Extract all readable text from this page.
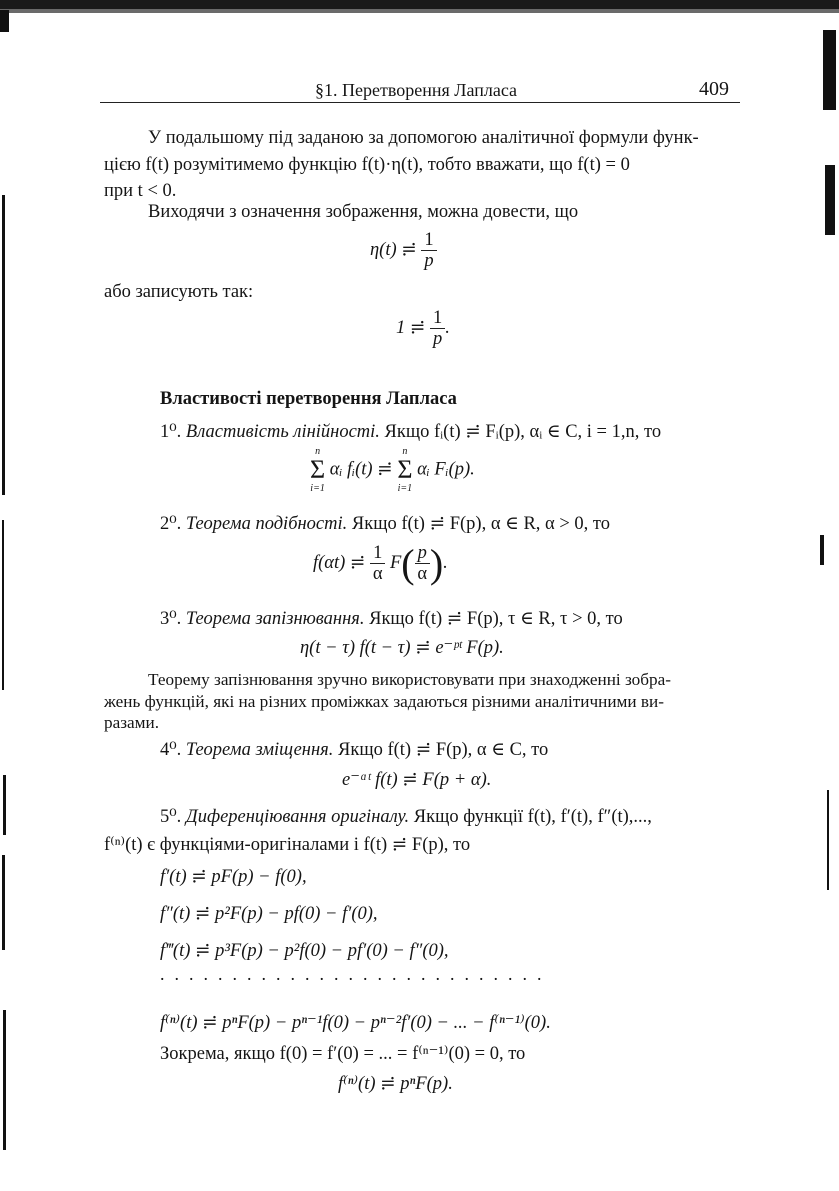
§1. Перетворення Лапласа	409
У подальшому під заданою за допомогою аналітичної формули функ-
цією f(t) розумітимемо функцію f(t)·η(t), тобто вважати, що f(t) = 0
при t < 0.
Виходячи з означення зображення, можна довести, що
η(t) ≓ $\frac{1}{p}$
або записують так:
1 ≓ $\frac{1}{p}$ .
Властивості перетворення Лапласа
1⁰. Властивість лінійності. Якщо fᵢ(t) ≓ Fᵢ(p), αᵢ ∈ C, i = 1,n, то
n
Σ
i=1
αᵢ fᵢ(t) ≓
n
Σ
i=1
αᵢ Fᵢ(p).
2⁰. Теорема подібності. Якщо f(t) ≓ F(p), α ∈ R, α > 0, то
f(αt) ≓ $\frac{1}{\alpha} F( \frac{p}{\alpha}$ ).
3⁰. Теорема запізнювання. Якщо f(t) ≓ F(p), τ ∈ R, τ > 0, то
η(t − τ) f(t − τ) ≓ e⁻ᵖᵗ F(p).
Теорему запізнювання зручно використовувати при знаходженні зобра-
жень функцій, які на різних проміжках задаються різними аналітичними ви-
разами.
4⁰. Теорема зміщення. Якщо f(t) ≓ F(p), α ∈ C, то
e⁻ᵅᵗ f(t) ≓ F(p + α).
5⁰. Диференціювання оригіналу. Якщо функції f(t), f′(t), f″(t),...,
f⁽ⁿ⁾(t) є функціями-оригіналами і f(t) ≓ F(p), то
f′(t) ≓ pF(p) − f(0),
f″(t) ≓ p²F(p) − pf(0) − f′(0),
f‴(t) ≓ p³F(p) − p²f(0) − pf′(0) − f″(0),
...........................
f⁽ⁿ⁾(t) ≓ pⁿF(p) − pⁿ⁻¹f(0) − pⁿ⁻²f′(0) − ... − f⁽ⁿ⁻¹⁾(0).
Зокрема, якщо f(0) = f′(0) = ... = f⁽ⁿ⁻¹⁾(0) = 0, то
f⁽ⁿ⁾(t) ≓ pⁿF(p).
